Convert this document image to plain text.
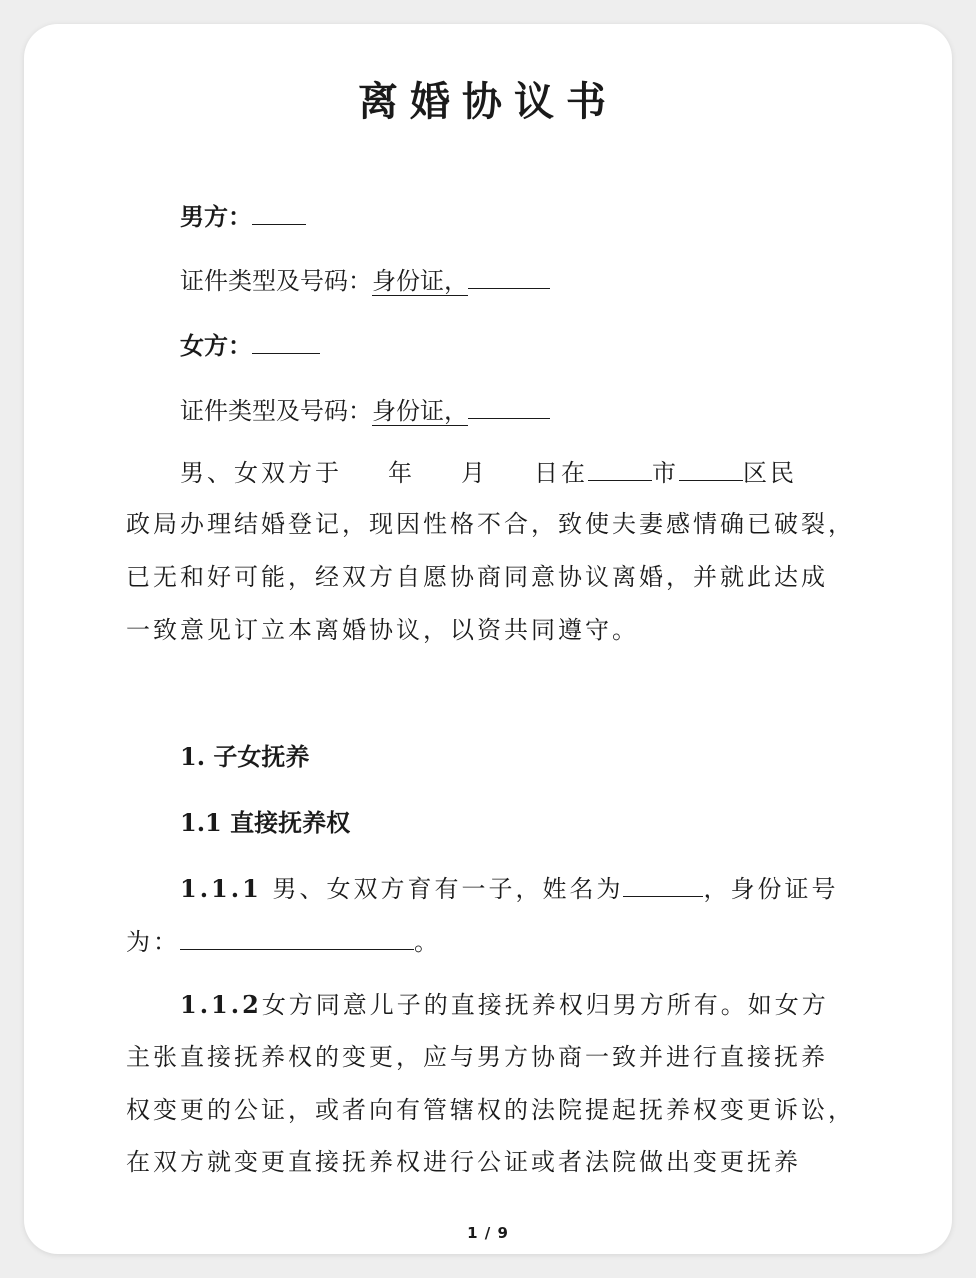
离婚协议书
男方：
证件类型及号码：身份证，
女方：
证件类型及号码：身份证，
男、女双方于 年 月 日在	市	区民
政局办理结婚登记，现因性格不合，致使夫妻感情确已破裂，
已无和好可能，经双方自愿协商同意协议离婚，并就此达成
一致意见订立本离婚协议，以资共同遵守。
1. 子女抚养
1.1 直接抚养权
1.1.1 男、女双方育有一子，姓名为	，身份证号
为：	。
1.1.2女方同意儿子的直接抚养权归男方所有。如女方
主张直接抚养权的变更，应与男方协商一致并进行直接抚养
权变更的公证，或者向有管辖权的法院提起抚养权变更诉讼，
在双方就变更直接抚养权进行公证或者法院做出变更抚养
1 / 9
